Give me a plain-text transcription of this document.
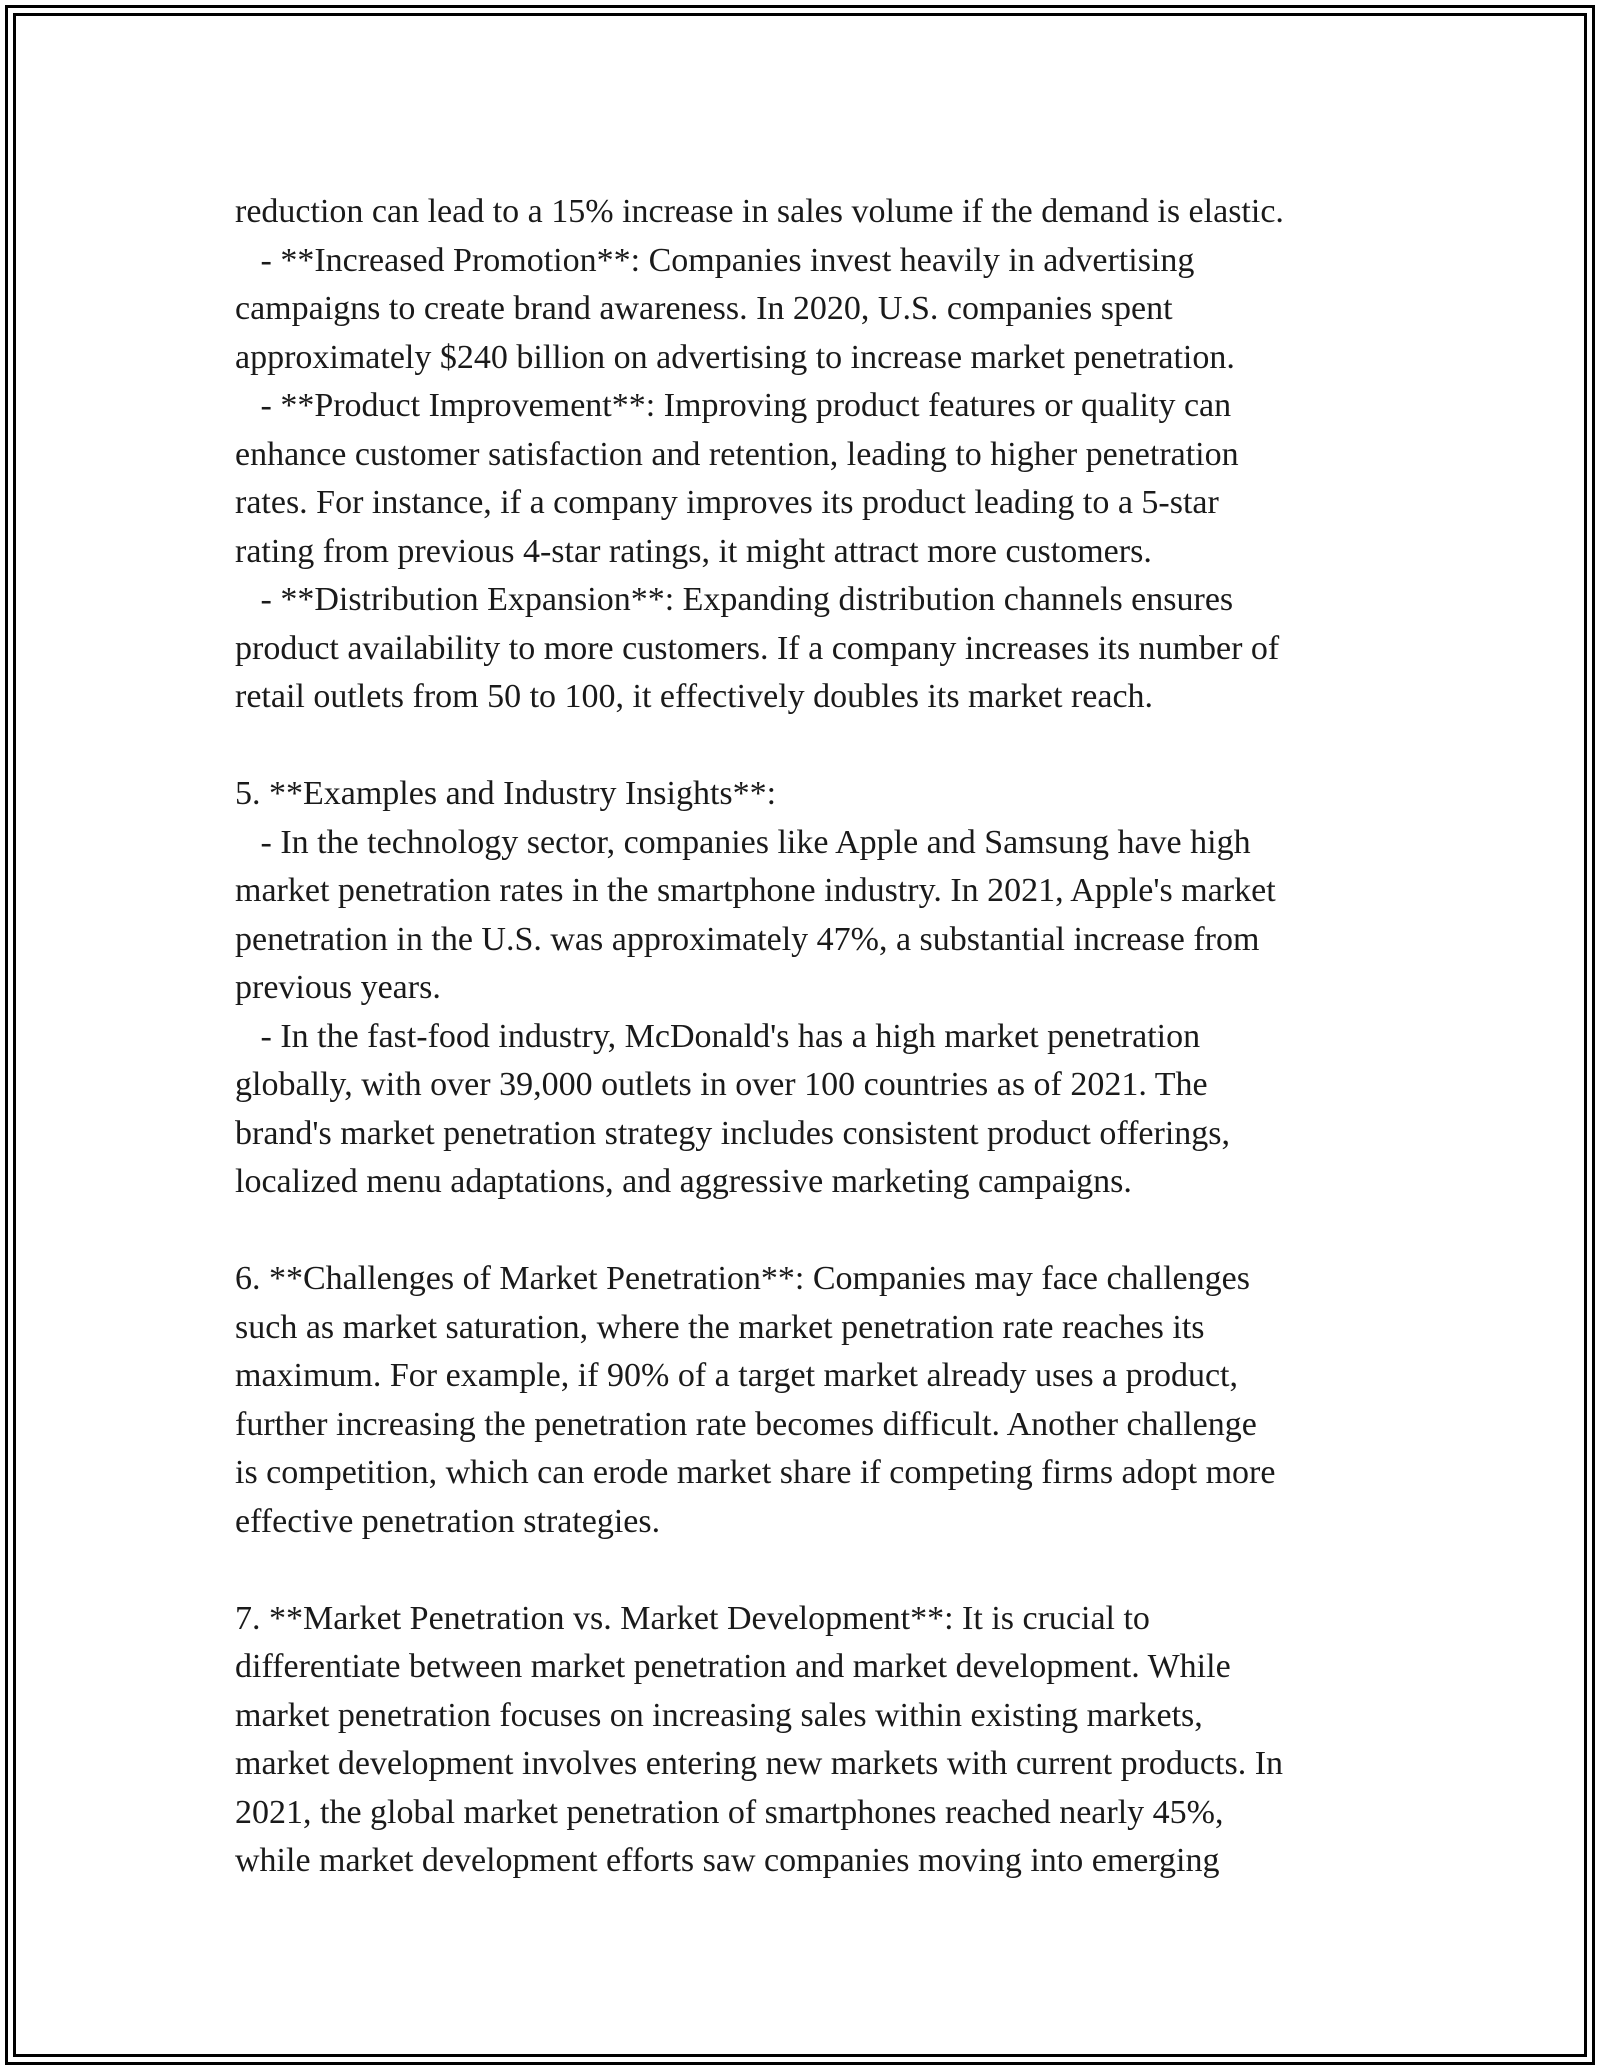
reduction can lead to a 15% increase in sales volume if the demand is elastic.
- **Increased Promotion**: Companies invest heavily in advertising
campaigns to create brand awareness. In 2020, U.S. companies spent
approximately $240 billion on advertising to increase market penetration.
- **Product Improvement**: Improving product features or quality can
enhance customer satisfaction and retention, leading to higher penetration
rates. For instance, if a company improves its product leading to a 5-star
rating from previous 4-star ratings, it might attract more customers.
- **Distribution Expansion**: Expanding distribution channels ensures
product availability to more customers. If a company increases its number of
retail outlets from 50 to 100, it effectively doubles its market reach.
5. **Examples and Industry Insights**:
- In the technology sector, companies like Apple and Samsung have high
market penetration rates in the smartphone industry. In 2021, Apple's market
penetration in the U.S. was approximately 47%, a substantial increase from
previous years.
- In the fast-food industry, McDonald's has a high market penetration
globally, with over 39,000 outlets in over 100 countries as of 2021. The
brand's market penetration strategy includes consistent product offerings,
localized menu adaptations, and aggressive marketing campaigns.
6. **Challenges of Market Penetration**: Companies may face challenges
such as market saturation, where the market penetration rate reaches its
maximum. For example, if 90% of a target market already uses a product,
further increasing the penetration rate becomes difficult. Another challenge
is competition, which can erode market share if competing firms adopt more
effective penetration strategies.
7. **Market Penetration vs. Market Development**: It is crucial to
differentiate between market penetration and market development. While
market penetration focuses on increasing sales within existing markets,
market development involves entering new markets with current products. In
2021, the global market penetration of smartphones reached nearly 45%,
while market development efforts saw companies moving into emerging
